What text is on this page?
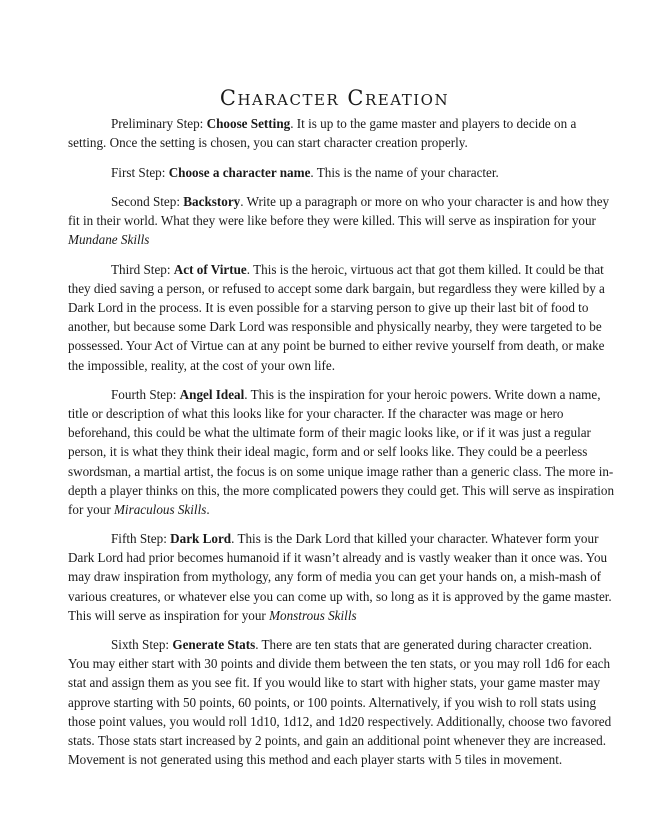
Character Creation

Preliminary Step: Choose Setting. It is up to the game master and players to decide on a setting. Once the setting is chosen, you can start character creation properly.

First Step: Choose a character name. This is the name of your character.

Second Step: Backstory. Write up a paragraph or more on who your character is and how they fit in their world. What they were like before they were killed. This will serve as inspiration for your Mundane Skills

Third Step: Act of Virtue. This is the heroic, virtuous act that got them killed. It could be that they died saving a person, or refused to accept some dark bargain, but regardless they were killed by a Dark Lord in the process. It is even possible for a starving person to give up their last bit of food to another, but because some Dark Lord was responsible and physically nearby, they were targeted to be possessed. Your Act of Virtue can at any point be burned to either revive yourself from death, or make the impossible, reality, at the cost of your own life.

Fourth Step: Angel Ideal. This is the inspiration for your heroic powers. Write down a name, title or description of what this looks like for your character. If the character was mage or hero beforehand, this could be what the ultimate form of their magic looks like, or if it was just a regular person, it is what they think their ideal magic, form and or self looks like. They could be a peerless swordsman, a martial artist, the focus is on some unique image rather than a generic class. The more in-depth a player thinks on this, the more complicated powers they could get. This will serve as inspiration for your Miraculous Skills.

Fifth Step: Dark Lord. This is the Dark Lord that killed your character. Whatever form your Dark Lord had prior becomes humanoid if it wasn’t already and is vastly weaker than it once was. You may draw inspiration from mythology, any form of media you can get your hands on, a mish-mash of various creatures, or whatever else you can come up with, so long as it is approved by the game master. This will serve as inspiration for your Monstrous Skills

Sixth Step: Generate Stats. There are ten stats that are generated during character creation. You may either start with 30 points and divide them between the ten stats, or you may roll 1d6 for each stat and assign them as you see fit. If you would like to start with higher stats, your game master may approve starting with 50 points, 60 points, or 100 points. Alternatively, if you wish to roll stats using those point values, you would roll 1d10, 1d12, and 1d20 respectively. Additionally, choose two favored stats. Those stats start increased by 2 points, and gain an additional point whenever they are increased. Movement is not generated using this method and each player starts with 5 tiles in movement.
